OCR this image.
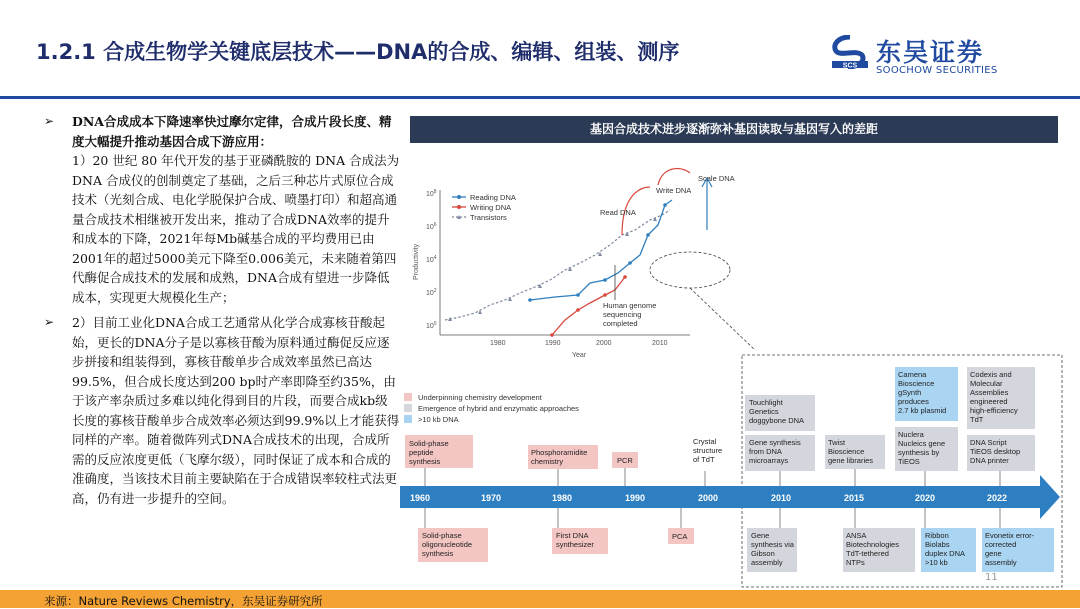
1.2.1 合成生物学关键底层技术——DNA的合成、编辑、组装、测序
SCS 东吴证券
SOOCHOW SECURITIES
➢ DNA合成成本下降速率快过摩尔定律，合成片段长度、精度大幅提升推动基因合成下游应用：
1）20 世纪 80 年代开发的基于亚磷酰胺的 DNA 合成法为 DNA 合成仪的创制奠定了基础，之后三种芯片式原位合成技术（光刻合成、电化学脱保护合成、喷墨打印）和超高通量合成技术相继被开发出来，推动了合成DNA效率的提升和成本的下降，2021年每Mb碱基合成的平均费用已由2001年的超过5000美元下降至0.006美元，未来随着第四代酶促合成技术的发展和成熟，DNA合成有望进一步降低成本，实现更大规模化生产；
➢ 2）目前工业化DNA合成工艺通常从化学合成寡核苷酸起始，更长的DNA分子是以寡核苷酸为原料通过酶促反应逐步拼接和组装得到，寡核苷酸单步合成效率虽然已高达99.5%，但合成长度达到200 bp时产率即降至约35%，由于该产率杂质过多难以纯化得到目的片段，而要合成kb级长度的寡核苷酸单步合成效率必须达到99.9%以上才能获得同样的产率。随着微阵列式DNA合成技术的出现，合成所需的反应浓度更低（飞摩尔级），同时保证了成本和合成的准确度，当该技术目前主要缺陷在于合成错误率较柱式法更高，仍有进一步提升的空间。
基因合成技术进步逐渐弥补基因读取与基因写入的差距
$10^0$
$10^2$
$10^4$
$10^6$
$10^8$
Productivity
1980	1990	2000	2010
Year
Reading DNA
Writing DNA
Transistors
Read DNA
Write DNA
Scale DNA
Human genome sequencing completed
Underpinning chemistry development
Emergence of hybrid and enzymatic approaches
>10 kb DNA
1960	1970	1980	1990	2000	2010	2015	2020	2022
Solid-phase peptide synthesis
Phosphoramidite chemistry	PCR
Crystal structure of TdT
Touchlight Genetics doggybone DNA
Gene synthesis from DNA microarrays
Twist Bioscience gene libraries
Camena Bioscience gSynth produces 2.7 kb plasmid
Nuclera Nucleics gene synthesis by TiEOS
Codexis and Molecular Assemblies engineered high-efficiency TdT
DNA Script TiEOS desktop DNA printer
Solid-phase oligonucleotide synthesis
First DNA synthesizer
PCA	Gene synthesis via Gibson assembly
ANSA Biotechnologies TdT-tethered NTPs
Ribbon Biolabs duplex DNA >10 kb
Evonetix error-corrected gene assembly
11
来源：Nature Reviews Chemistry，东吴证券研究所
